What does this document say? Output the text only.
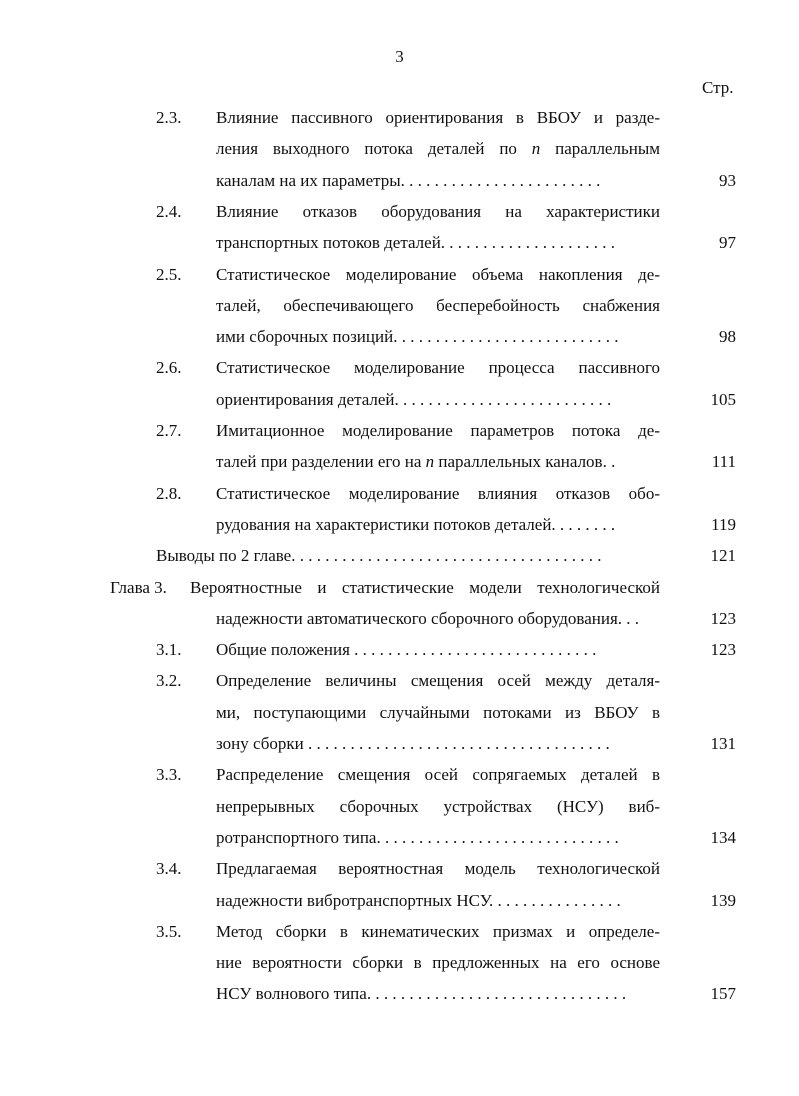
3
Стр.
2.3. Влияние пассивного ориентирования в ВБОУ и разде-
ления выходного потока деталей по n параллельным
каналам на их параметры. . . . . . . . . . . . . . . . . . . . . . . .	93
2.4. Влияние отказов оборудования на характеристики
транспортных потоков деталей. . . . . . . . . . . . . . . . . . . . .	97
2.5. Статистическое моделирование объема накопления де-
талей, обеспечивающего бесперебойность снабжения
ими сборочных позиций. . . . . . . . . . . . . . . . . . . . . . . . . . .	98
2.6. Статистическое моделирование процесса пассивного
ориентирования деталей. . . . . . . . . . . . . . . . . . . . . . . . . .	105
2.7. Имитационное моделирование параметров потока де-
талей при разделении его на n параллельных каналов. .	111
2.8. Статистическое моделирование влияния отказов обо-
рудования на характеристики потоков деталей. . . . . . . .	119
Выводы по 2 главе. . . . . . . . . . . . . . . . . . . . . . . . . . . . . . . . . . . . .	121
Глава 3. Вероятностные и статистические модели технологической
надежности автоматического сборочного оборудования. . .	123
3.1. Общие положения . . . . . . . . . . . . . . . . . . . . . . . . . . . . .	123
3.2. Определение величины смещения осей между деталя-
ми, поступающими случайными потоками из ВБОУ в
зону сборки . . . . . . . . . . . . . . . . . . . . . . . . . . . . . . . . . . . .	131
3.3. Распределение смещения осей сопрягаемых деталей в
непрерывных сборочных устройствах (НСУ) виб-
ротранспортного типа. . . . . . . . . . . . . . . . . . . . . . . . . . . . .	134
3.4. Предлагаемая вероятностная модель технологической
надежности вибротранспортных НСУ. . . . . . . . . . . . . . . .	139
3.5. Метод сборки в кинематических призмах и определе-
ние вероятности сборки в предложенных на его основе
НСУ волнового типа. . . . . . . . . . . . . . . . . . . . . . . . . . . . . . .	157
